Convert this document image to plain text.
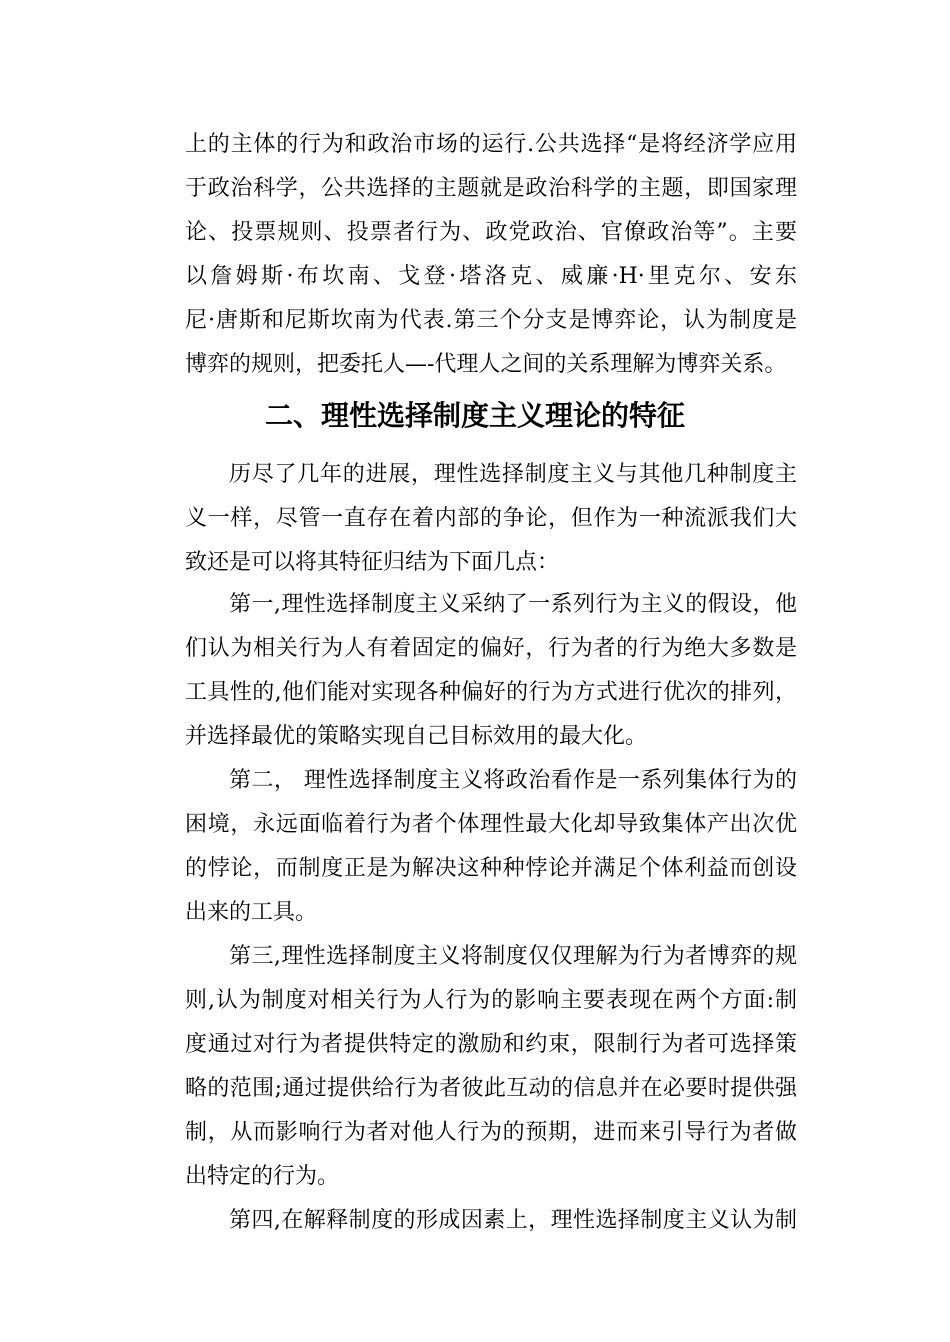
上的主体的行为和政治市场的运行.公共选择“是将经济学应用
于政治科学，公共选择的主题就是政治科学的主题，即国家理
论、投票规则、投票者行为、政党政治、官僚政治等”。主要
以詹姆斯·布坎南、戈登·塔洛克、威廉·H·里克尔、安东
尼·唐斯和尼斯坎南为代表.第三个分支是博弈论，认为制度是
博弈的规则，把委托人—-代理人之间的关系理解为博弈关系。
二、理性选择制度主义理论的特征
历尽了几年的进展，理性选择制度主义与其他几种制度主
义一样，尽管一直存在着内部的争论，但作为一种流派我们大
致还是可以将其特征归结为下面几点：
第一,理性选择制度主义采纳了一系列行为主义的假设，他
们认为相关行为人有着固定的偏好，行为者的行为绝大多数是
工具性的,他们能对实现各种偏好的行为方式进行优次的排列，
并选择最优的策略实现自己目标效用的最大化。
第二， 理性选择制度主义将政治看作是一系列集体行为的
困境，永远面临着行为者个体理性最大化却导致集体产出次优
的悖论，而制度正是为解决这种种悖论并满足个体利益而创设
出来的工具。
第三,理性选择制度主义将制度仅仅理解为行为者博弈的规
则,认为制度对相关行为人行为的影响主要表现在两个方面:制
度通过对行为者提供特定的激励和约束，限制行为者可选择策
略的范围;通过提供给行为者彼此互动的信息并在必要时提供强
制，从而影响行为者对他人行为的预期，进而来引导行为者做
出特定的行为。
第四,在解释制度的形成因素上，理性选择制度主义认为制
